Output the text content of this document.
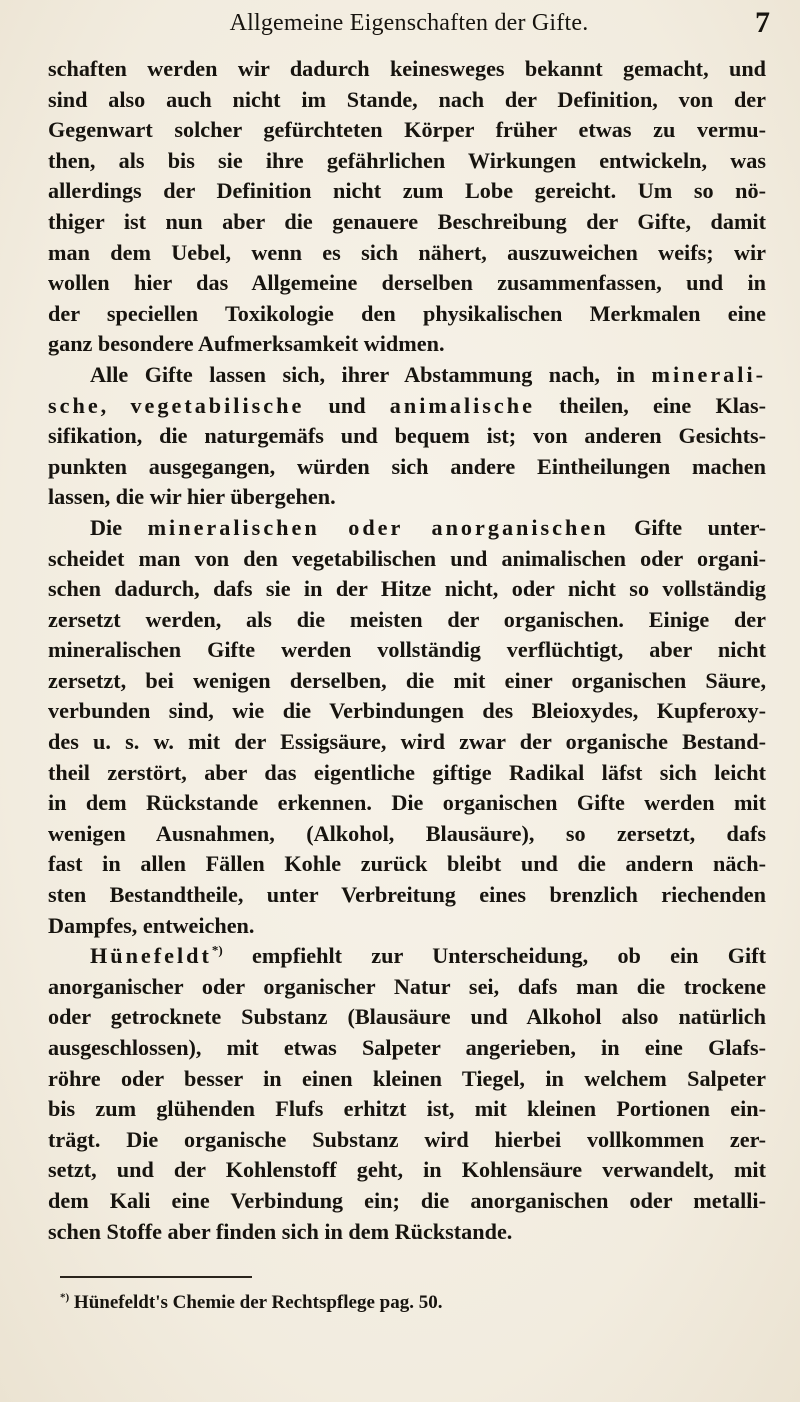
Allgemeine Eigenschaften der Gifte.	7
schaften werden wir dadurch keinesweges bekannt gemacht, und
sind also auch nicht im Stande, nach der Definition, von der
Gegenwart solcher gefürchteten Körper früher etwas zu vermu-
then, als bis sie ihre gefährlichen Wirkungen entwickeln, was
allerdings der Definition nicht zum Lobe gereicht. Um so nö-
thiger ist nun aber die genauere Beschreibung der Gifte, damit
man dem Uebel, wenn es sich nähert, auszuweichen weifs; wir
wollen hier das Allgemeine derselben zusammenfassen, und in
der speciellen Toxikologie den physikalischen Merkmalen eine
ganz besondere Aufmerksamkeit widmen.
Alle Gifte lassen sich, ihrer Abstammung nach, in minerali-
sche, vegetabilische und animalische theilen, eine Klas-
sifikation, die naturgemäfs und bequem ist; von anderen Gesichts-
punkten ausgegangen, würden sich andere Eintheilungen machen
lassen, die wir hier übergehen.
Die mineralischen oder anorganischen Gifte unter-
scheidet man von den vegetabilischen und animalischen oder organi-
schen dadurch, dafs sie in der Hitze nicht, oder nicht so vollständig
zersetzt werden, als die meisten der organischen. Einige der
mineralischen Gifte werden vollständig verflüchtigt, aber nicht
zersetzt, bei wenigen derselben, die mit einer organischen Säure,
verbunden sind, wie die Verbindungen des Bleioxydes, Kupferoxy-
des u. s. w. mit der Essigsäure, wird zwar der organische Bestand-
theil zerstört, aber das eigentliche giftige Radikal läfst sich leicht
in dem Rückstande erkennen. Die organischen Gifte werden mit
wenigen Ausnahmen, (Alkohol, Blausäure), so zersetzt, dafs
fast in allen Fällen Kohle zurück bleibt und die andern näch-
sten Bestandtheile, unter Verbreitung eines brenzlich riechenden
Dampfes, entweichen.
Hünefeldt*) empfiehlt zur Unterscheidung, ob ein Gift
anorganischer oder organischer Natur sei, dafs man die trockene
oder getrocknete Substanz (Blausäure und Alkohol also natürlich
ausgeschlossen), mit etwas Salpeter angerieben, in eine Glafs-
röhre oder besser in einen kleinen Tiegel, in welchem Salpeter
bis zum glühenden Flufs erhitzt ist, mit kleinen Portionen ein-
trägt. Die organische Substanz wird hierbei vollkommen zer-
setzt, und der Kohlenstoff geht, in Kohlensäure verwandelt, mit
dem Kali eine Verbindung ein; die anorganischen oder metalli-
schen Stoffe aber finden sich in dem Rückstande.
*) Hünefeldt's Chemie der Rechtspflege pag. 50.
